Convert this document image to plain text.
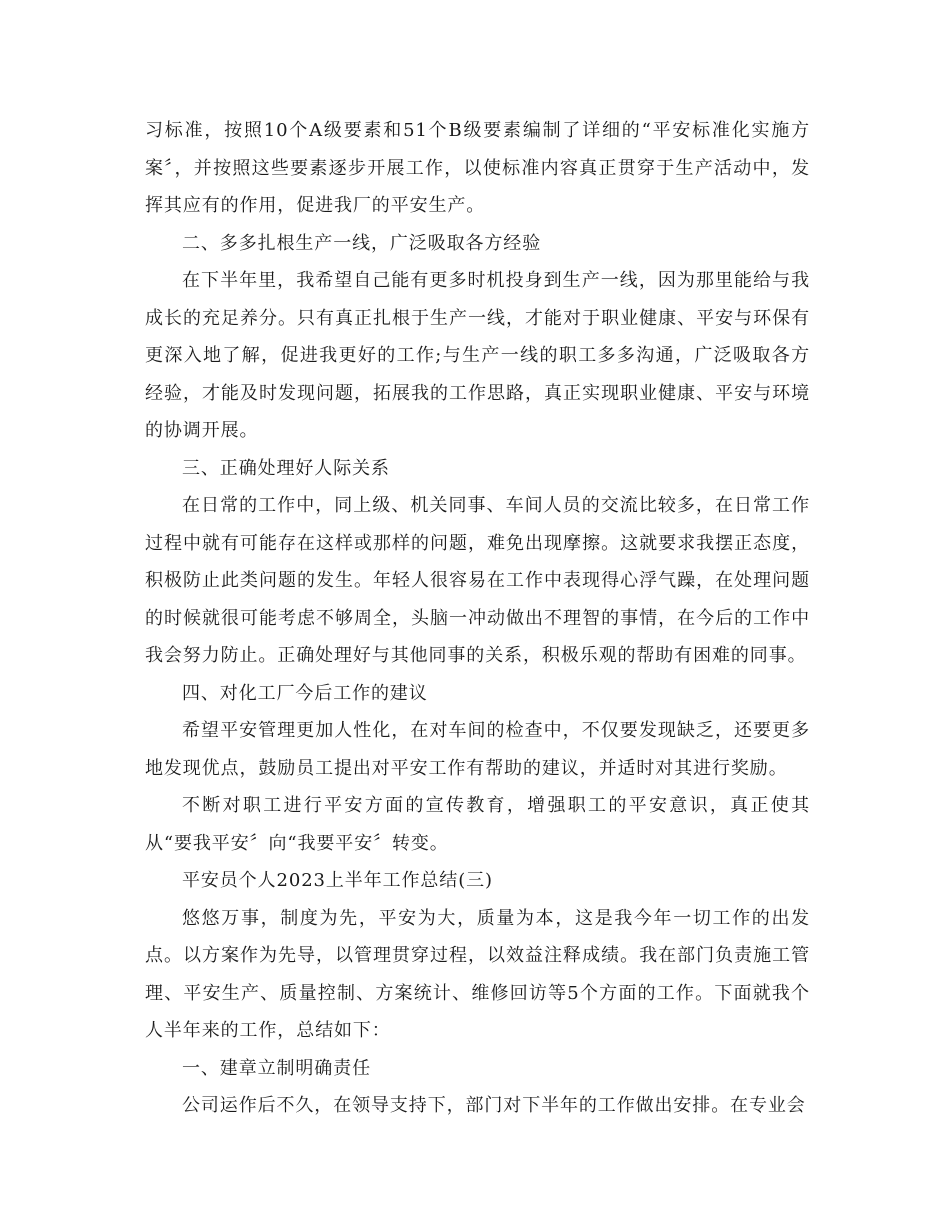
习标准，按照10个A级要素和51个B级要素编制了详细的“平安标准化实施方案〞，并按照这些要素逐步开展工作，以使标准内容真正贯穿于生产活动中，发挥其应有的作用，促进我厂的平安生产。

二、多多扎根生产一线，广泛吸取各方经验

在下半年里，我希望自己能有更多时机投身到生产一线，因为那里能给与我成长的充足养分。只有真正扎根于生产一线，才能对于职业健康、平安与环保有更深入地了解，促进我更好的工作;与生产一线的职工多多沟通，广泛吸取各方经验，才能及时发现问题，拓展我的工作思路，真正实现职业健康、平安与环境的协调开展。

三、正确处理好人际关系

在日常的工作中，同上级、机关同事、车间人员的交流比较多，在日常工作过程中就有可能存在这样或那样的问题，难免出现摩擦。这就要求我摆正态度，积极防止此类问题的发生。年轻人很容易在工作中表现得心浮气躁，在处理问题的时候就很可能考虑不够周全，头脑一冲动做出不理智的事情，在今后的工作中我会努力防止。正确处理好与其他同事的关系，积极乐观的帮助有困难的同事。

四、对化工厂今后工作的建议

希望平安管理更加人性化，在对车间的检查中，不仅要发现缺乏，还要更多地发现优点，鼓励员工提出对平安工作有帮助的建议，并适时对其进行奖励。

不断对职工进行平安方面的宣传教育，增强职工的平安意识，真正使其从“要我平安〞向“我要平安〞转变。

平安员个人2023上半年工作总结(三)

悠悠万事，制度为先，平安为大，质量为本，这是我今年一切工作的出发点。以方案作为先导，以管理贯穿过程，以效益注释成绩。我在部门负责施工管理、平安生产、质量控制、方案统计、维修回访等5个方面的工作。下面就我个人半年来的工作，总结如下：

一、建章立制明确责任

公司运作后不久，在领导支持下，部门对下半年的工作做出安排。在专业会
